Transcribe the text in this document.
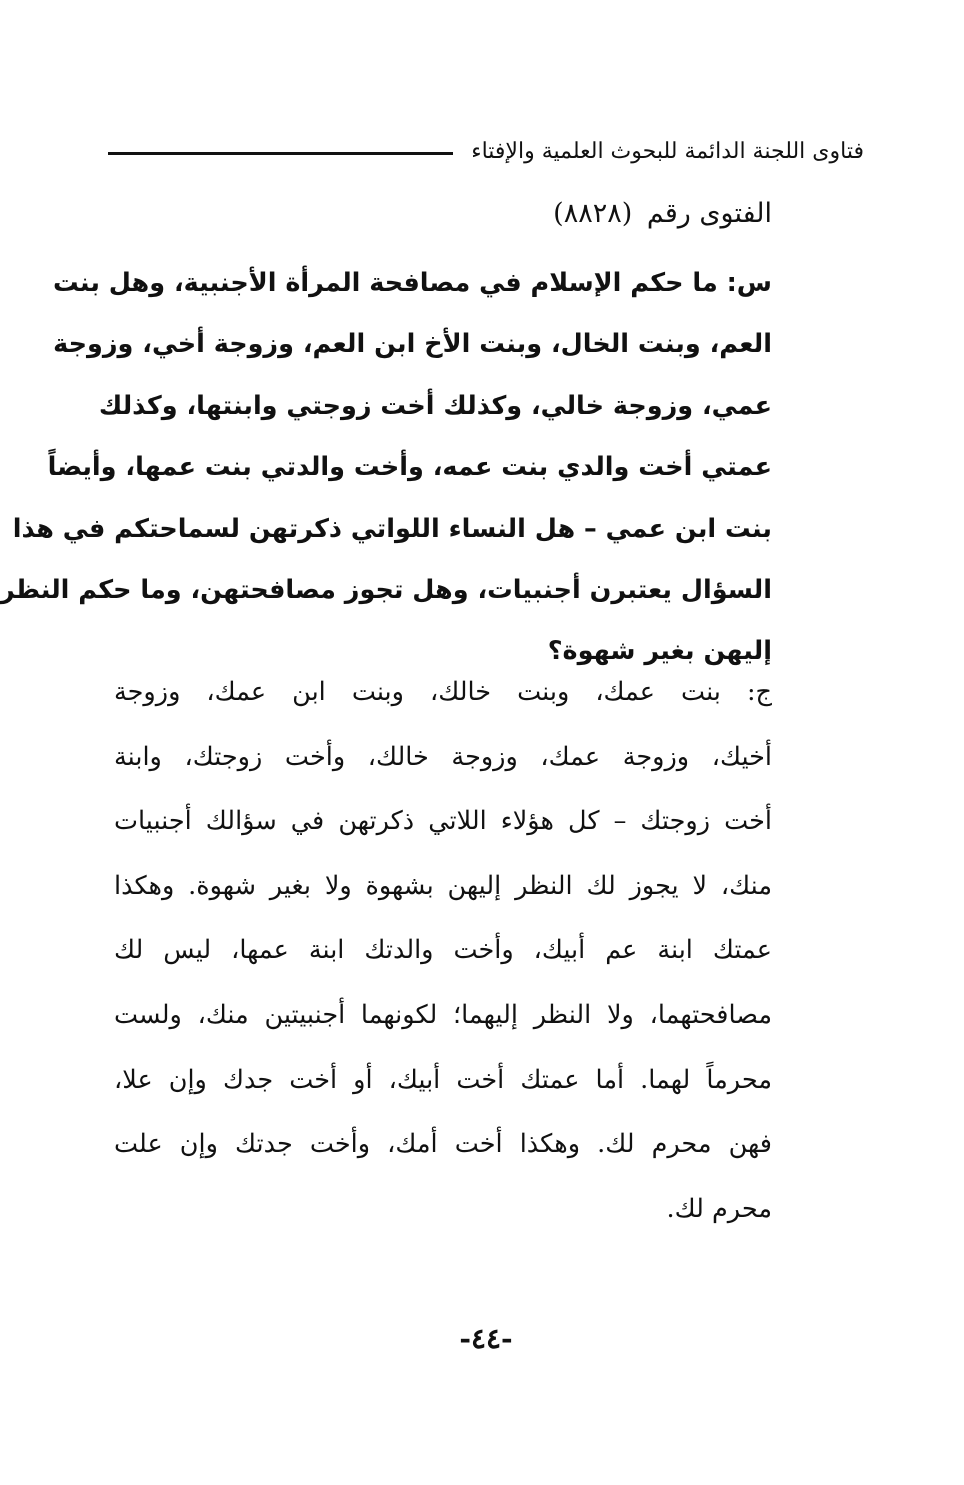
فتاوى اللجنة الدائمة للبحوث العلمية والإفتاء
الفتوى رقم (٨٨٢٨)
س: ما حكم الإسلام في مصافحة المرأة الأجنبية، وهل بنت
العم، وبنت الخال، وبنت الأخ ابن العم، وزوجة أخي، وزوجة
عمي، وزوجة خالي، وكذلك أخت زوجتي وابنتها، وكذلك
عمتي أخت والدي بنت عمه، وأخت والدتي بنت عمها، وأيضاً
بنت ابن عمي – هل النساء اللواتي ذكرتهن لسماحتكم في هذا
السؤال يعتبرن أجنبيات، وهل تجوز مصافحتهن، وما حكم النظر
إليهن بغير شهوة؟
ج: بنت عمك، وبنت خالك، وبنت ابن عمك، وزوجة
أخيك، وزوجة عمك، وزوجة خالك، وأخت زوجتك، وابنة
أخت زوجتك – كل هؤلاء اللاتي ذكرتهن في سؤالك أجنبيات
منك، لا يجوز لك النظر إليهن بشهوة ولا بغير شهوة. وهكذا
عمتك ابنة عم أبيك، وأخت والدتك ابنة عمها، ليس لك
مصافحتهما، ولا النظر إليهما؛ لكونهما أجنبيتين منك، ولست
محرماً لهما. أما عمتك أخت أبيك، أو أخت جدك وإن علا،
فهن محرم لك. وهكذا أخت أمك، وأخت جدتك وإن علت
محرم لك.
-٤٤-
